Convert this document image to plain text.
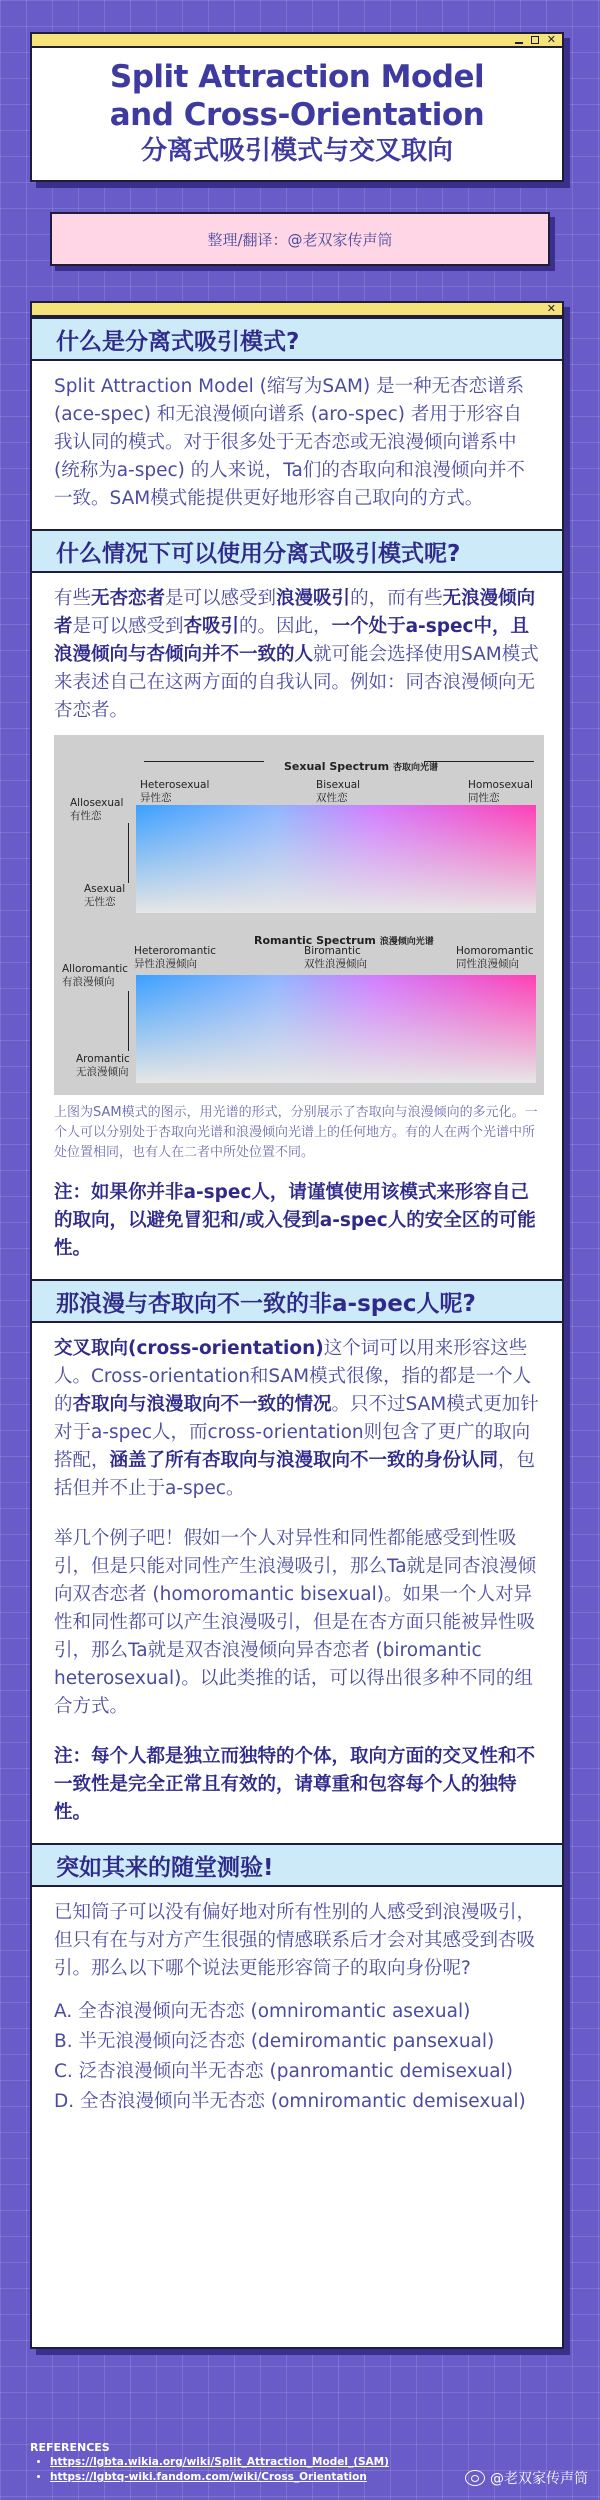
✕
Split Attraction Model
and Cross-Orientation
分离式吸引模式与交叉取向
整理/翻译：@老双家传声筒
✕
什么是分离式吸引模式?

Split Attraction Model (缩写为SAM) 是一种无杏恋谱系 (ace-spec) 和无浪漫倾向谱系 (aro-spec) 者用于形容自我认同的模式。对于很多处于无杏恋或无浪漫倾向谱系中 (统称为a-spec) 的人来说，Ta们的杏取向和浪漫倾向并不一致。SAM模式能提供更好地形容自己取向的方式。

什么情况下可以使用分离式吸引模式呢?

有些无杏恋者是可以感受到浪漫吸引的，而有些无浪漫倾向者是可以感受到杏吸引的。因此，一个处于a-spec中，且浪漫倾向与杏倾向并不一致的人就可能会选择使用SAM模式来表述自己在这两方面的自我认同。例如：同杏浪漫倾向无杏恋者。

Sexual Spectrum 杏取向光谱
Heterosexual
异性恋
Bisexual
双性恋
Homosexual
同性恋
Allosexual
有性恋
Asexual
无性恋
Romantic Spectrum 浪漫倾向光谱
Heteroromantic
异性浪漫倾向
Biromantic
双性浪漫倾向
Homoromantic
同性浪漫倾向
Alloromantic
有浪漫倾向
Aromantic
无浪漫倾向

上图为SAM模式的图示，用光谱的形式，分别展示了杏取向与浪漫倾向的多元化。一个人可以分别处于杏取向光谱和浪漫倾向光谱上的任何地方。有的人在两个光谱中所处位置相同，也有人在二者中所处位置不同。

注：如果你并非a-spec人，请谨慎使用该模式来形容自己的取向，以避免冒犯和/或入侵到a-spec人的安全区的可能性。

那浪漫与杏取向不一致的非a-spec人呢?

交叉取向(cross-orientation)这个词可以用来形容这些人。Cross-orientation和SAM模式很像，指的都是一个人的杏取向与浪漫取向不一致的情况。只不过SAM模式更加针对于a-spec人，而cross-orientation则包含了更广的取向搭配，涵盖了所有杏取向与浪漫取向不一致的身份认同，包括但并不止于a-spec。

举几个例子吧！假如一个人对异性和同性都能感受到性吸引，但是只能对同性产生浪漫吸引，那么Ta就是同杏浪漫倾向双杏恋者 (homoromantic bisexual)。如果一个人对异性和同性都可以产生浪漫吸引，但是在杏方面只能被异性吸引，那么Ta就是双杏浪漫倾向异杏恋者 (biromantic heterosexual)。以此类推的话，可以得出很多种不同的组合方式。

注：每个人都是独立而独特的个体，取向方面的交叉性和不一致性是完全正常且有效的，请尊重和包容每个人的独特性。

突如其来的随堂测验!

已知筒子可以没有偏好地对所有性别的人感受到浪漫吸引，但只有在与对方产生很强的情感联系后才会对其感受到杏吸引。那么以下哪个说法更能形容筒子的取向身份呢?

A. 全杏浪漫倾向无杏恋 (omniromantic asexual)
B. 半无浪漫倾向泛杏恋 (demiromantic pansexual)
C. 泛杏浪漫倾向半无杏恋 (panromantic demisexual)
D. 全杏浪漫倾向半无杏恋 (omniromantic demisexual)
REFERENCES
• https://lgbta.wikia.org/wiki/Split_Attraction_Model_(SAM)
• https://lgbtq-wiki.fandom.com/wiki/Cross_Orientation	@老双家传声筒
